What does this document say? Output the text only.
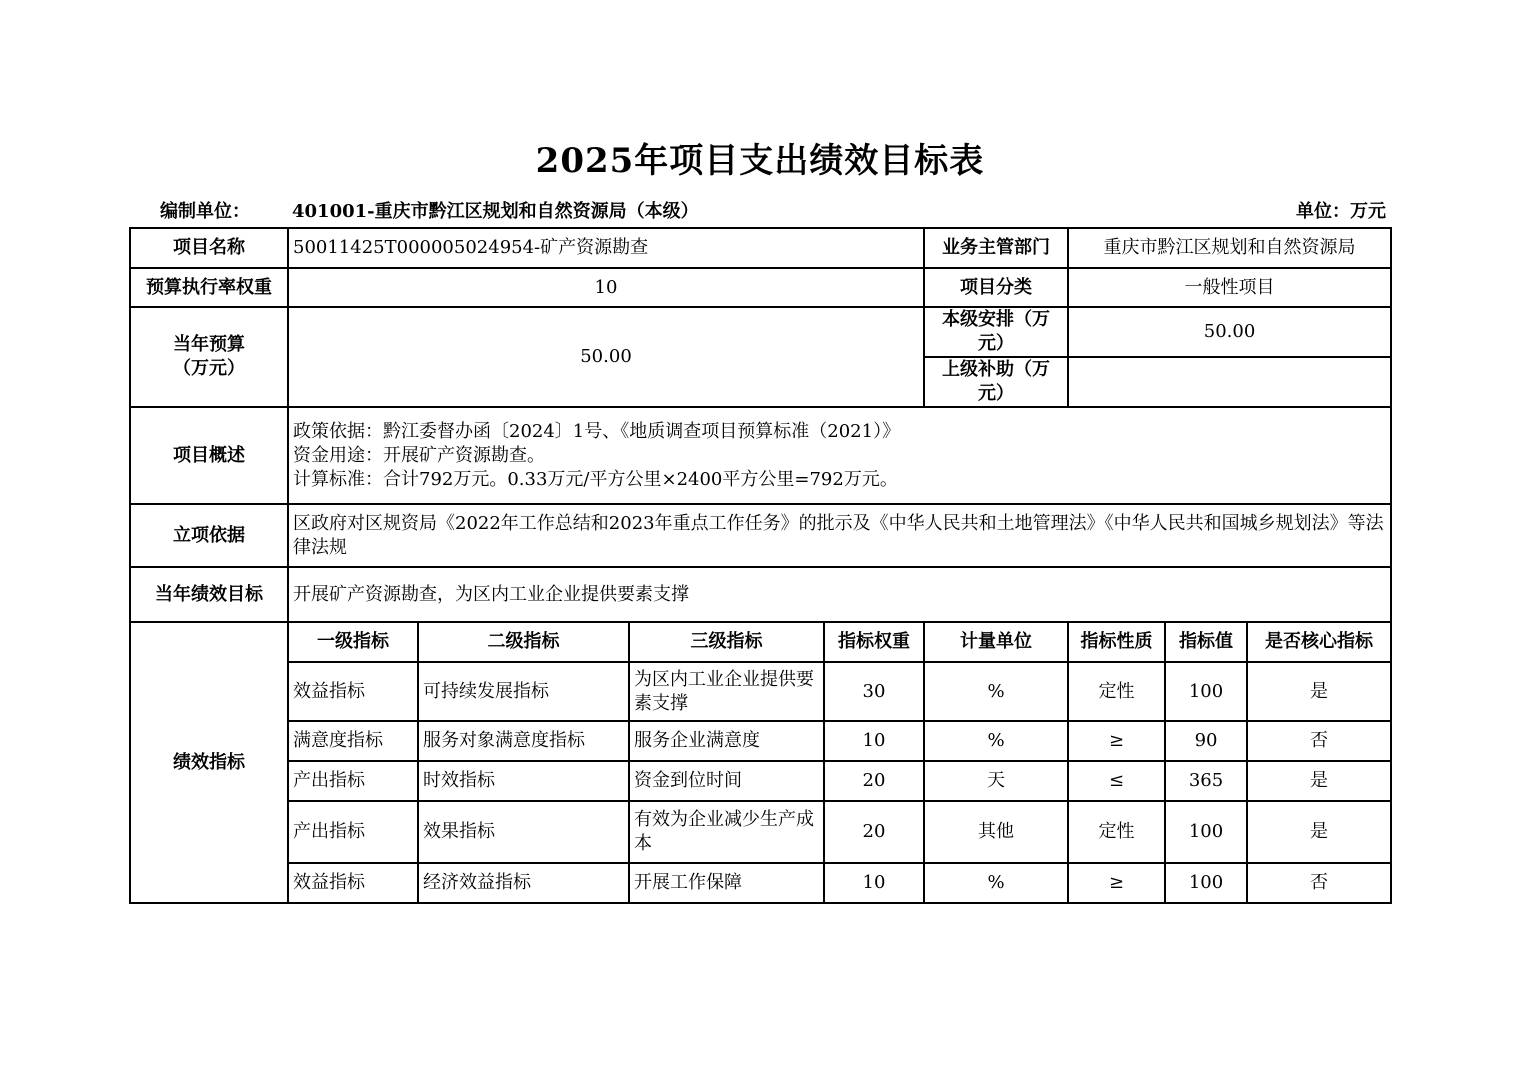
2025年项目支出绩效目标表
编制单位： 401001-重庆市黔江区规划和自然资源局（本级）	单位：万元
项目名称	50011425T000005024954-矿产资源勘查				业务主管部门	重庆市黔江区规划和自然资源局		
预算执行率权重	10				项目分类	一般性项目		

当年预算
（万元）	50.00				本级安排（万元）	50.00		
					上级补助（万元）			
项目概述	政策依据：黔江委督办函〔2024〕1号、《地质调查项目预算标准（2021）》
资金用途：开展矿产资源勘查。
计算标准：合计792万元。0.33万元/平方公里×2400平方公里=792万元。							

立项依据	区政府对区规资局《2022年工作总结和2023年重点工作任务》的批示及《中华人民共和土地管理法》《中华人民共和国城乡规划法》等法律法规							
当年绩效目标	开展矿产资源勘查，为区内工业企业提供要素支撑							
绩效指标	一级指标	二级指标	三级指标	指标权重	计量单位	指标性质	指标值	是否核心指标
	效益指标	可持续发展指标	为区内工业企业提供要素支撑	30	%	定性	100	是
	满意度指标	服务对象满意度指标	服务企业满意度	10	%	≥	90	否
	产出指标	时效指标	资金到位时间	20	天	≤	365	是
	产出指标	效果指标	有效为企业减少生产成本	20	其他	定性	100	是
	效益指标	经济效益指标	开展工作保障	10	%	≥	100	否
